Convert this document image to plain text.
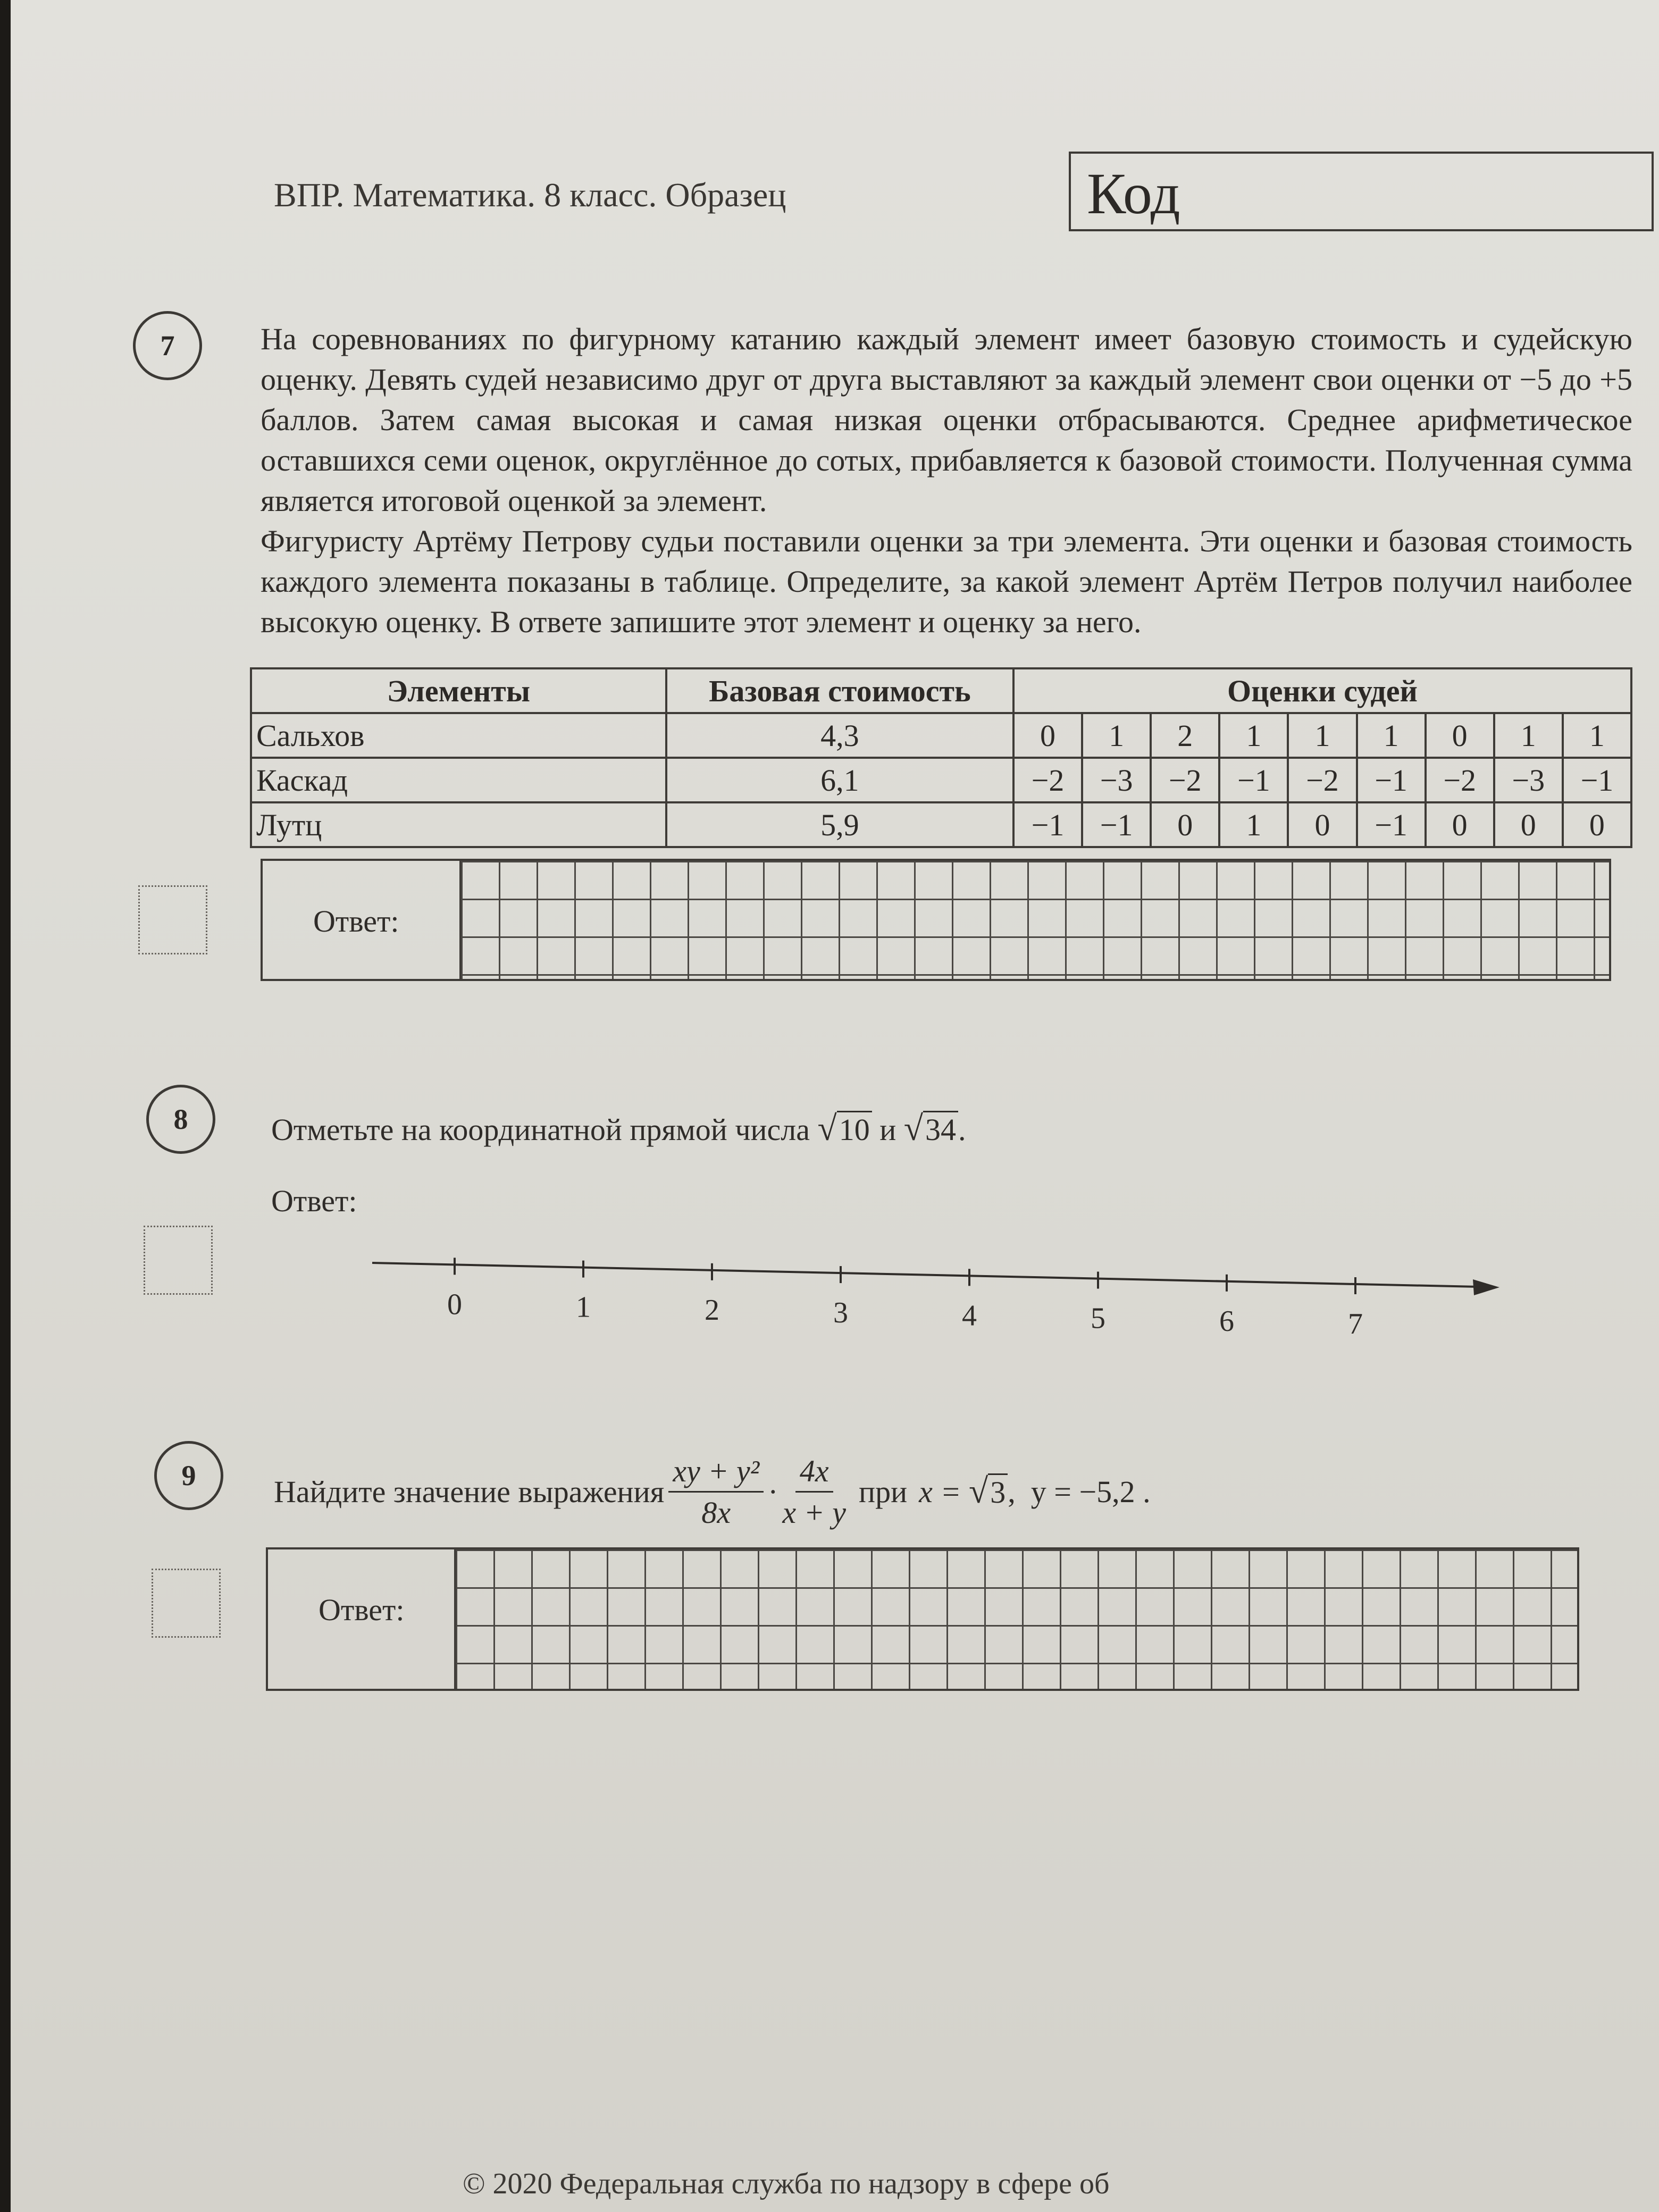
ВПР. Математика. 8 класс. Образец	Код
7	На соревнованиях по фигурному катанию каждый элемент имеет базовую стоимость и судейскую оценку. Девять судей независимо друг от друга выставляют за каждый элемент свои оценки от −5 до +5 баллов. Затем самая высокая и самая низкая оценки отбрасываются. Среднее арифметическое оставшихся семи оценок, округлённое до сотых, прибавляется к базовой стоимости. Полученная сумма является итоговой оценкой за элемент.

Фигуристу Артёму Петрову судьи поставили оценки за три элемента. Эти оценки и базовая стоимость каждого элемента показаны в таблице. Определите, за какой элемент Артём Петров получил наиболее высокую оценку. В ответе запишите этот элемент и оценку за него.

Элементы	Базовая стоимость	Оценки судей								
Сальхов	4,3	0	1	2	1	1	1	0	1	1
Каскад	6,1	−2	−3	−2	−1	−2	−1	−2	−3	−1
Лутц	5,9	−1	−1	0	1	0	−1	0	0	0
Ответ:
8	Отметьте на координатной прямой числа √10 и √34.
Ответ:
0	1	2	3	4	5	6	7
9	Найдите значение выражения $\frac{\text{xy + y²}}{8x} \cdot \frac{4x}{x + y}$ при x = √3 ,  y = −5,2 .
Ответ:
© 2020 Федеральная служба по надзору в сфере об
